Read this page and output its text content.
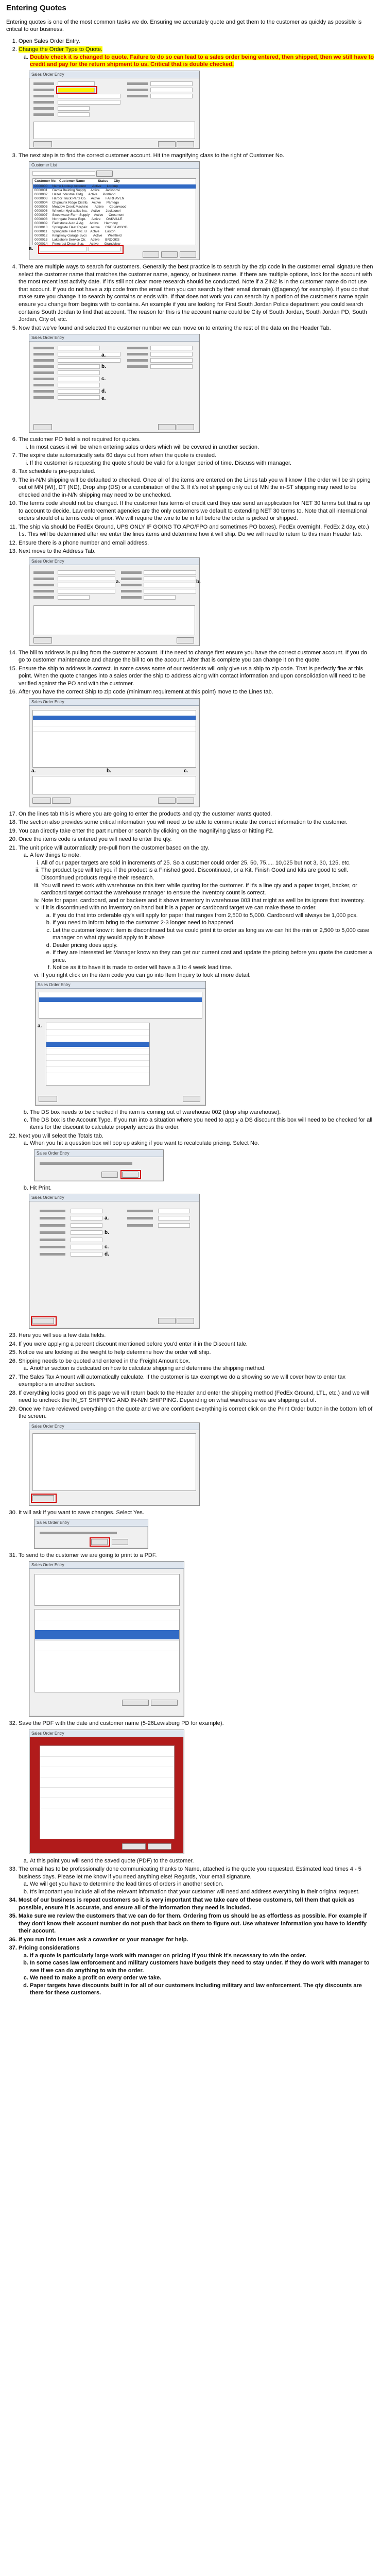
Entering Quotes

Entering quotes is one of the most common tasks we do. Ensuring we accurately quote and get them to the customer as quickly as possible is critical to our business.

1. Open Sales Order Entry.
2. Change the Order Type to Quote.
a. Double check it is changed to quote. Failure to do so can lead to a sales order being entered, then shipped, then we still have to credit and pay for the return shipment to us. Critical that is double checked.
Sales Order Entry
3. The next step is to find the correct customer account. Hit the magnifying class to the right of Customer No.
Customer List
Customer No.   Customer Name              Status      City
0000000     Name Lookup Account       Active      Lookup
0000001     Garcia Building Supply     Active      Jacksonvi
0000002     Hazel Industrial Bldg      Active      Portland
0000003     Harbor Truck Parts Co.     Active      FAIRHAVEN
0000004     Chipmunk Ridge Distrib.    Active      Pantego
0000005     Meadow Creek Machine       Active      Cedarwood
0000006     Wheeler Hydraulics Inc.    Active      Jacksonvi
0000007     Sweetwater Farm Supply     Active      Crestmont
0000008     Northgate Power Eqpt.      Active      OAKVILLE
0000009     Fieldstone Auto & Ag       Active      Harmony
0000010     Springside Fleet Repair    Active      CRESTWOOD
0000011     Springside Fleet Svc. B    Active      Easton
0000012     Kingsway Garage Svcs       Active      Westfield
0000013     Lakeshore Service Ctr.     Active      BROOKS
0000014     Pinecrest Diesel Sup.      Active      Grandview
a.
4. There are multiple ways to search for customers. Generally the best practice is to search by the zip code in the customer email signature then select the customer name that matches the customer name, agency, or business name. If there are multiple options, look for the account with the most recent last activity date. If it's still not clear more research should be conducted. Note if a ZIN2 is in the customer name do not use that account. If you do not have a zip code from the email then you can search by their email domain (@agency) for example). If you do that make sure you change it to search by contains or ends with. If that does not work you can search by a portion of the customer's name again ensure you change from begins with to contains. An example if you are looking for First South Jordan Police department you could search contains South Jordan to find that account. The reason for this is the account name could be City of South Jordan, South Jordan PD, South Jordan, City of, etc.
5. Now that we've found and selected the customer number we can move on to entering the rest of the data on the Header Tab.
Sales Order Entry
a.
b.
c.
d.
e.
6. The customer PO field is not required for quotes.
i. In most cases it will be when entering sales orders which will be covered in another section.
7. The expire date automatically sets 60 days out from when the quote is created.
i. If the customer is requesting the quote should be valid for a longer period of time. Discuss with manager.
8. Tax schedule is pre-populated.
9. The in-N/N shipping will be defaulted to checked. Once all of the items are entered on the Lines tab you will know if the order will be shipping out of MN (WI), DT (ND), Drop ship (DS) or a combination of the 3. If it's not shipping only out of MN the in-ST shipping may need to be checked and the in-N/N shipping may need to be unchecked.
10. The terms code should not be changed. If the customer has terms of credit card they use send an application for NET 30 terms but that is up to account to decide. Law enforcement agencies are the only customers we default to extending NET 30 terms to. Note that all international orders should of a terms code of prior. We will require the wire to be in full before the order is picked or shipped.
11. The ship via should be FedEx Ground, UPS ONLY IF GOING TO APO/FPO and sometimes PO boxes). FedEx overnight, FedEx 2 day, etc.) f.s. This will be determined after we enter the lines items and determine how it will ship. Do we will need to return to this main Header tab.
12. Ensure there is a phone number and email address.
13. Next move to the Address Tab.
Sales Order Entry
a.	b.
14. The bill to address is pulling from the customer account. If the need to change first ensure you have the correct customer account. If you do go to customer maintenance and change the bill to on the account. After that is complete you can change it on the quote.
15. Ensure the ship to address is correct. In some cases some of our residents will only give us a ship to zip code. That is perfectly fine at this point. When the quote changes into a sales order the ship to address along with contact information and upon consolidation will need to be verified against the PO and with the customer.
16. After you have the correct Ship to zip code (minimum requirement at this point) move to the Lines tab.
Sales Order Entry
a.	b.	c.
17. On the lines tab this is where you are going to enter the products and qty the customer wants quoted.
18. The section also provides some critical information you will need to be able to communicate the correct information to the customer.
19. You can directly take enter the part number or search by clicking on the magnifying glass or hitting F2.
20. Once the items code is entered you will need to enter the qty.
21. The unit price will automatically pre-pull from the customer based on the qty.
a. A few things to note.
i. All of our paper targets are sold in increments of 25. So a customer could order 25, 50, 75..... 10,025 but not 3, 30, 125, etc.
ii. The product type will tell you if the product is a Finished good. Discontinued, or a Kit. Finish Good and kits are good to sell. Discontinued products require their research.
iii. You will need to work with warehouse on this item while quoting for the customer. If it's a line qty and a paper target, backer, or cardboard target contact the warehouse manager to ensure the inventory count is correct.
iv. Note for paper, cardboard, and or backers and it shows inventory in warehouse 003 that might as well be its ignore that inventory.
v. If it is discontinued with no inventory on hand but it is a paper or cardboard target we can make these to order.
a. If you do that into orderable qty's will apply for paper that ranges from 2,500 to 5,000. Cardboard will always be 1,000 pcs.
b. If you need to inform bring to the customer 2-3 longer need to happened.
c. Let the customer know it item is discontinued but we could print it to order as long as we can hit the min or 2,500 to 5,000 case manager on what qty would apply to it above
d. Dealer pricing does apply.
e. If they are interested let Manager know so they can get our current cost and update the pricing before you quote the customer a price.
f. Notice as it to have it is made to order will have a 3 to 4 week lead time.
vi. If you right click on the item code you can go into Item Inquiry to look at more detail.
Sales Order Entry
a.
b. The DS box needs to be checked if the item is coming out of warehouse 002 (drop ship warehouse).
c. The DS box is the Account Type. If you run into a situation where you need to apply a DS discount this box will need to be checked for all items for the discount to calculate properly across the order.
22. Next you will select the Totals tab.
a. When you hit a question box will pop up asking if you want to recalculate pricing. Select No.
Sales Order Entry
b. Hit Print.
Sales Order Entry
a.
b.
c.
d.
23. Here you will see a few data fields.
24. If you were applying a percent discount mentioned before you'd enter it in the Discount tale.
25. Notice we are looking at the weight to help determine how the order will ship.
26. Shipping needs to be quoted and entered in the Freight Amount box.
a. Another section is dedicated on how to calculate shipping and determine the shipping method.
27. The Sales Tax Amount will automatically calculate. If the customer is tax exempt we do a showing so we will cover how to enter tax exemptions in another section.
28. If everything looks good on this page we will return back to the Header and enter the shipping method (FedEx Ground, LTL, etc.) and we will need to uncheck the IN_ST SHIPPING AND IN-N/N SHIPPING. Depending on what warehouse we are shipping out of.
29. Once we have reviewed everything on the quote and we are confident everything is correct click on the Print Order button in the bottom left of the screen.
Sales Order Entry
30. It will ask if you want to save changes. Select Yes.
Sales Order Entry
31. To send to the customer we are going to print to a PDF.
Sales Order Entry
32. Save the PDF with the date and customer name (5-26Lewisburg PD for example).
Sales Order Entry
a. At this point you will send the saved quote (PDF) to the customer.
33. The email has to be professionally done communicating thanks to Name, attached is the quote you requested. Estimated lead times 4 - 5 business days. Please let me know if you need anything else! Regards, Your email signature.
a. We will get you have to determine the lead times of orders in another section.
b. It's important you include all of the relevant information that your customer will need and address everything in their original request.
34. Most of our business is repeat customers so it is very important that we take care of these customers, tell them that quick as possible, ensure it is accurate, and ensure all of the information they need is included.
35. Make sure we review the customers that we can do for them. Ordering from us should be as effortless as possible. For example if they don't know their account number do not push that back on them to figure out. Use whatever information you have to identify their account.
36. If you run into issues ask a coworker or your manager for help.
37. Pricing considerations
a. If a quote is particularly large work with manager on pricing if you think it's necessary to win the order.
b. In some cases law enforcement and military customers have budgets they need to stay under. If they do work with manager to see if we can do anything to win the order.
c. We need to make a profit on every order we take.
d. Paper targets have discounts built in for all of our customers including military and law enforcement. The qty discounts are there for these customers.
